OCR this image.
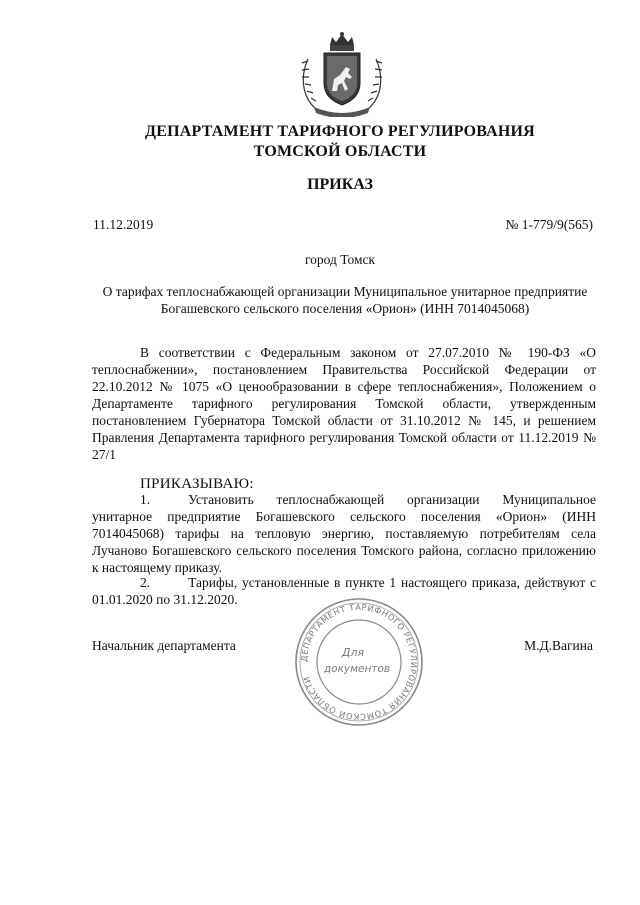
ДЕПАРТАМЕНТ ТАРИФНОГО РЕГУЛИРОВАНИЯ
ТОМСКОЙ ОБЛАСТИ
ПРИКАЗ
11.12.2019	№ 1-779/9(565)
город Томск
О тарифах теплоснабжающей организации Муниципальное унитарное предприятие
Богашевского сельского поселения «Орион» (ИНН 7014045068)
В соответствии с Федеральным законом от 27.07.2010 № 190-ФЗ «О теплоснабжении», постановлением Правительства Российской Федерации от 22.10.2012 № 1075 «О ценообразовании в сфере теплоснабжения», Положением о Департаменте тарифного регулирования Томской области, утвержденным постановлением Губернатора Томской области от 31.10.2012 № 145, и решением Правления Департамента тарифного регулирования Томской области от 11.12.2019 № 27/1
ПРИКАЗЫВАЮ:
1.	Установить теплоснабжающей организации Муниципальное унитарное предприятие Богашевского сельского поселения «Орион» (ИНН 7014045068) тарифы на тепловую энергию, поставляемую потребителям села Лучаново Богашевского сельского поселения Томского района, согласно приложению к настоящему приказу.
2.	Тарифы, установленные в пункте 1 настоящего приказа, действуют с 01.01.2020 по 31.12.2020.
Начальник департамента	М.Д.Вагина
ДЕПАРТАМЕНТ ТАРИФНОГО РЕГУЛИРОВАНИЯ ТОМСКОЙ ОБЛАСТИ
Для
документов
